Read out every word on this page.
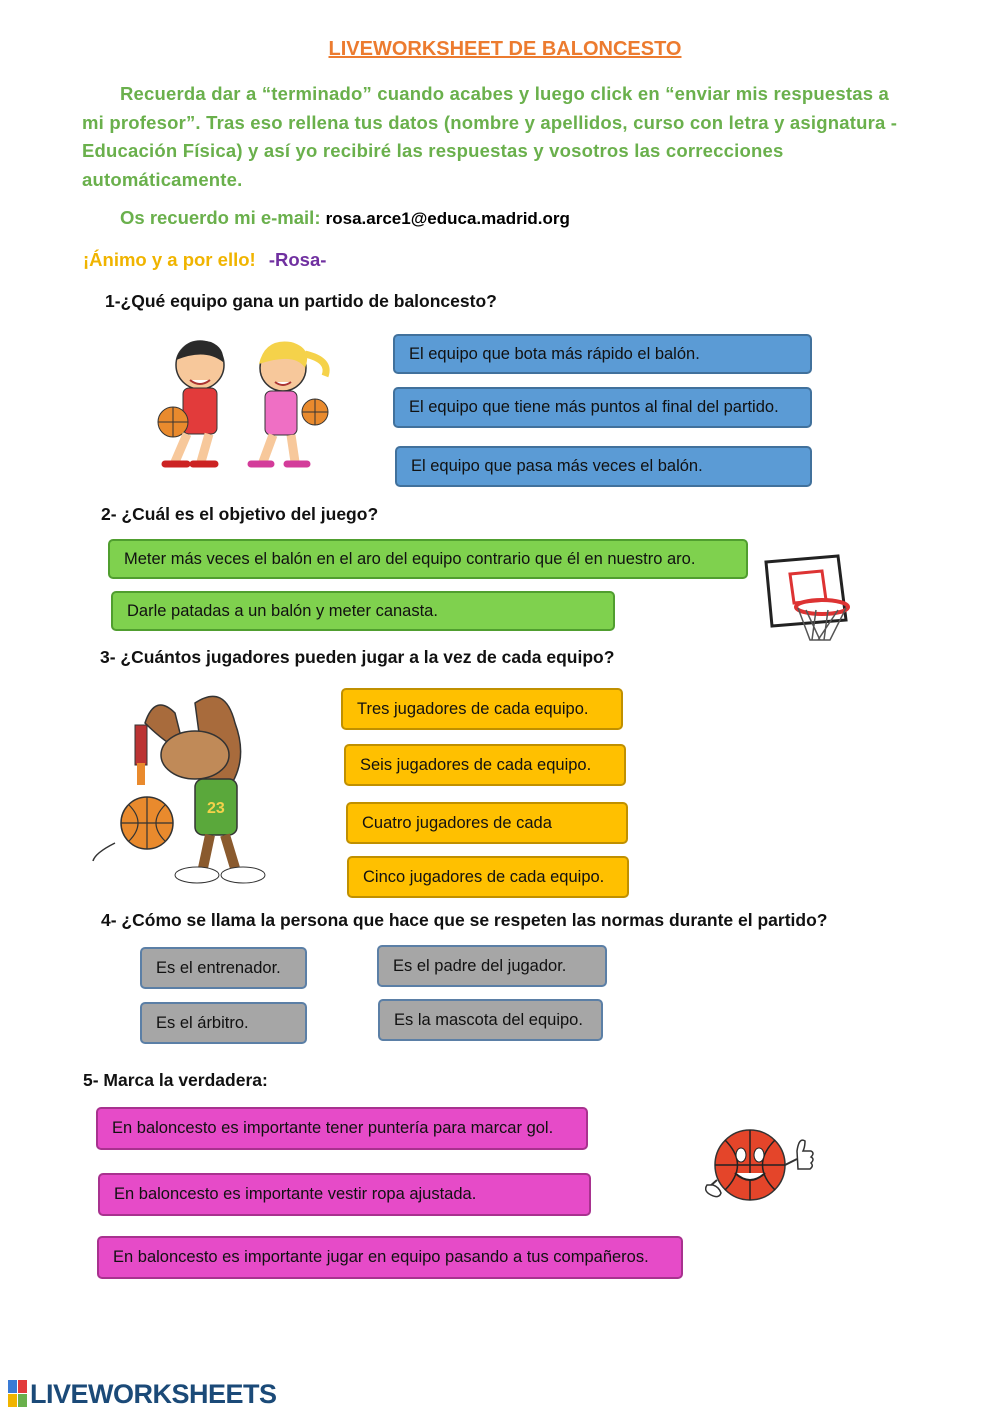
LIVEWORKSHEET DE BALONCESTO
Recuerda dar a “terminado” cuando acabes y luego click en “enviar mis respuestas a mi profesor”. Tras eso rellena tus datos (nombre y apellidos, curso con letra y asignatura - Educación Física) y así yo recibiré las respuestas y vosotros las correcciones automáticamente.
Os recuerdo mi e-mail: rosa.arce1@educa.madrid.org
¡Ánimo y a por ello! -Rosa-
1-¿Qué equipo gana un partido de baloncesto?
El equipo que bota más rápido el balón.
El equipo que tiene más puntos al final del partido.
El equipo que pasa más veces el balón.
2- ¿Cuál es el objetivo del juego?
Meter más veces el balón en el aro del equipo contrario que él en nuestro aro.
Darle patadas a un balón y meter canasta.
3- ¿Cuántos jugadores pueden jugar a la vez de cada equipo?
23
Tres jugadores de cada equipo.
Seis jugadores de cada equipo.
Cuatro jugadores de cada
Cinco jugadores de cada equipo.
4- ¿Cómo se llama la persona que hace que se respeten las normas durante el partido?
Es el entrenador.	Es el padre del jugador.
Es el árbitro.	Es la mascota del equipo.
5- Marca la verdadera:
En baloncesto es importante tener puntería para marcar gol.
En baloncesto es importante vestir ropa ajustada.
En baloncesto es importante jugar en equipo pasando a tus compañeros.
LIVEWORKSHEETS
